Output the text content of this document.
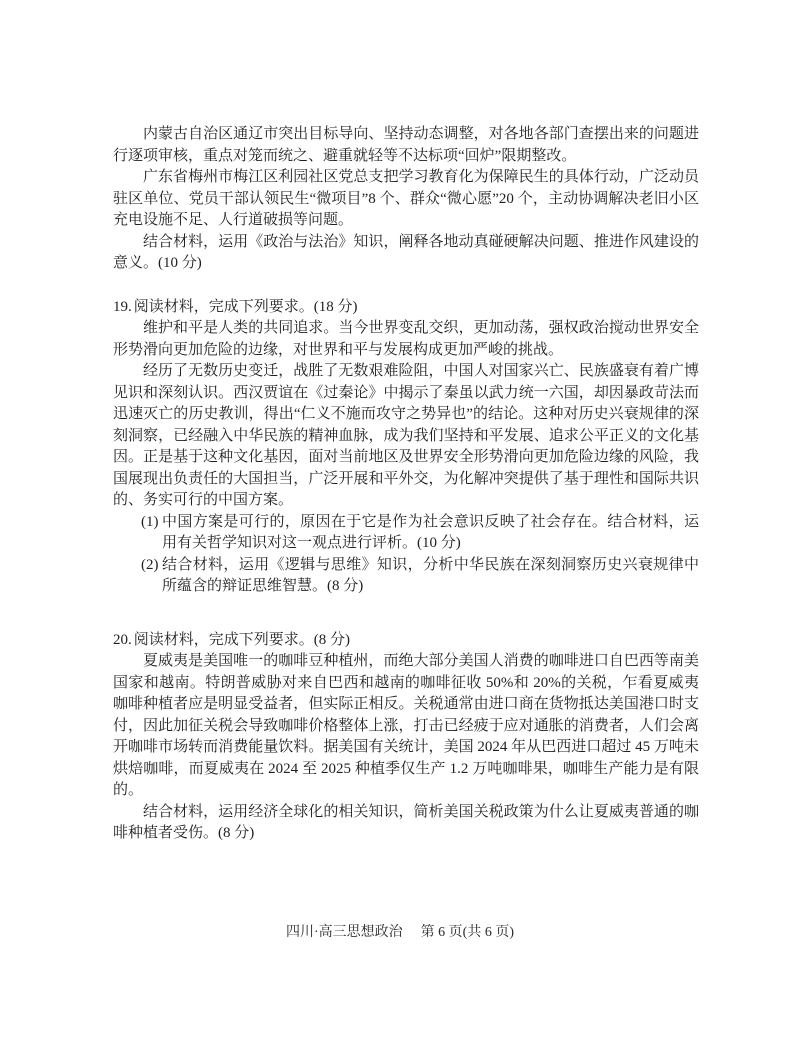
内蒙古自治区通辽市突出目标导向、坚持动态调整，对各地各部门查摆出来的问题进行逐项审核，重点对笼而统之、避重就轻等不达标项“回炉”限期整改。

广东省梅州市梅江区利园社区党总支把学习教育化为保障民生的具体行动，广泛动员驻区单位、党员干部认领民生“微项目”8 个、群众“微心愿”20 个，主动协调解决老旧小区充电设施不足、人行道破损等问题。

结合材料，运用《政治与法治》知识，阐释各地动真碰硬解决问题、推进作风建设的意义。(10 分)

19. 阅读材料，完成下列要求。(18 分)

维护和平是人类的共同追求。当今世界变乱交织，更加动荡，强权政治搅动世界安全形势滑向更加危险的边缘，对世界和平与发展构成更加严峻的挑战。

经历了无数历史变迁，战胜了无数艰难险阻，中国人对国家兴亡、民族盛衰有着广博见识和深刻认识。西汉贾谊在《过秦论》中揭示了秦虽以武力统一六国，却因暴政苛法而迅速灭亡的历史教训，得出“仁义不施而攻守之势异也”的结论。这种对历史兴衰规律的深刻洞察，已经融入中华民族的精神血脉，成为我们坚持和平发展、追求公平正义的文化基因。正是基于这种文化基因，面对当前地区及世界安全形势滑向更加危险边缘的风险，我国展现出负责任的大国担当，广泛开展和平外交，为化解冲突提供了基于理性和国际共识的、务实可行的中国方案。

(1) 中国方案是可行的，原因在于它是作为社会意识反映了社会存在。结合材料，运用有关哲学知识对这一观点进行评析。(10 分)
(2) 结合材料，运用《逻辑与思维》知识，分析中华民族在深刻洞察历史兴衰规律中所蕴含的辩证思维智慧。(8 分)

20. 阅读材料，完成下列要求。(8 分)

夏威夷是美国唯一的咖啡豆种植州，而绝大部分美国人消费的咖啡进口自巴西等南美国家和越南。特朗普威胁对来自巴西和越南的咖啡征收 50%和 20%的关税，乍看夏威夷咖啡种植者应是明显受益者，但实际正相反。关税通常由进口商在货物抵达美国港口时支付，因此加征关税会导致咖啡价格整体上涨，打击已经疲于应对通胀的消费者，人们会离开咖啡市场转而消费能量饮料。据美国有关统计，美国 2024 年从巴西进口超过 45 万吨未烘焙咖啡，而夏威夷在 2024 至 2025 种植季仅生产 1.2 万吨咖啡果，咖啡生产能力是有限的。

结合材料，运用经济全球化的相关知识，简析美国关税政策为什么让夏威夷普通的咖啡种植者受伤。(8 分)

四川·高三思想政治 第 6 页(共 6 页)
